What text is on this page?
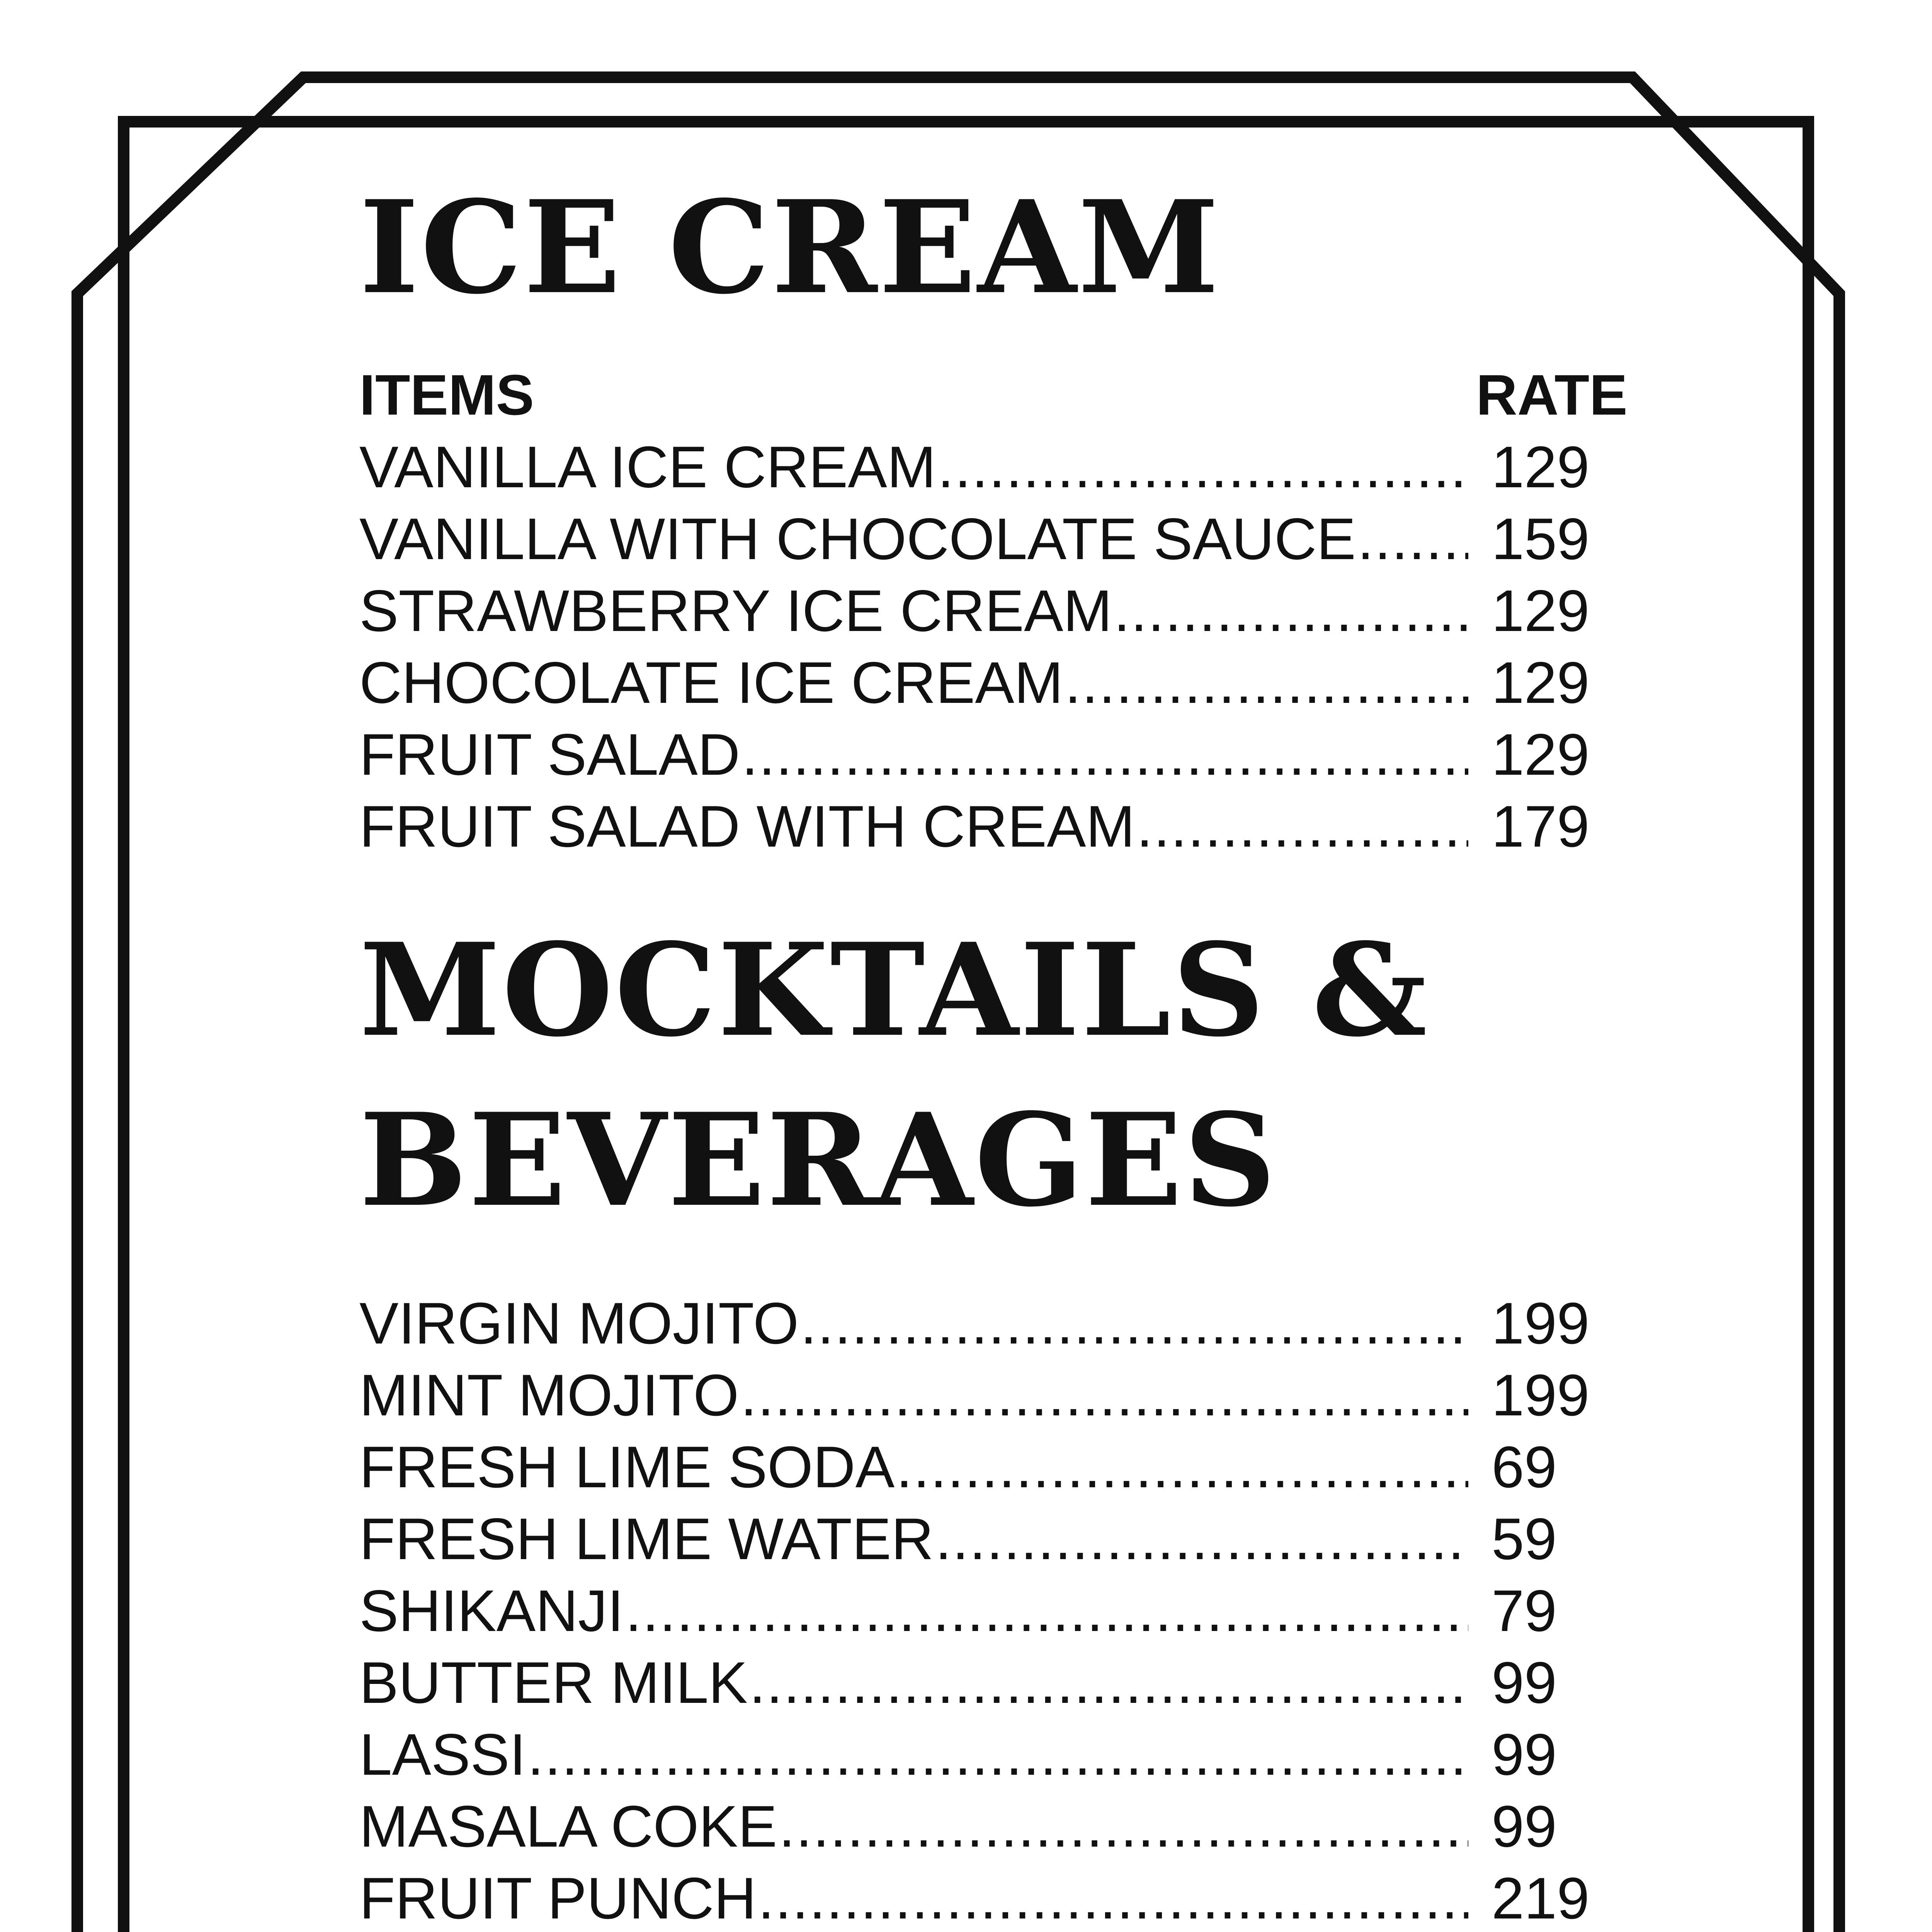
ICE CREAM
ITEMS	RATE
VANILLA ICE CREAM .....	129
VANILLA WITH CHOCOLATE SAUCE ..... 159
STRAWBERRY ICE CREAM .....	129
CHOCOLATE ICE CREAM .....	129
FRUIT SALAD .....	129
FRUIT SALAD WITH CREAM .....	179
MOCKTAILS &
BEVERAGES
VIRGIN MOJITO .....	199
MINT MOJITO .....	199
FRESH LIME SODA .....	69
FRESH LIME WATER .....	59
SHIKANJI .....	79
BUTTER MILK .....	99
LASSI .....	99
MASALA COKE .....	99
FRUIT PUNCH .....	219
